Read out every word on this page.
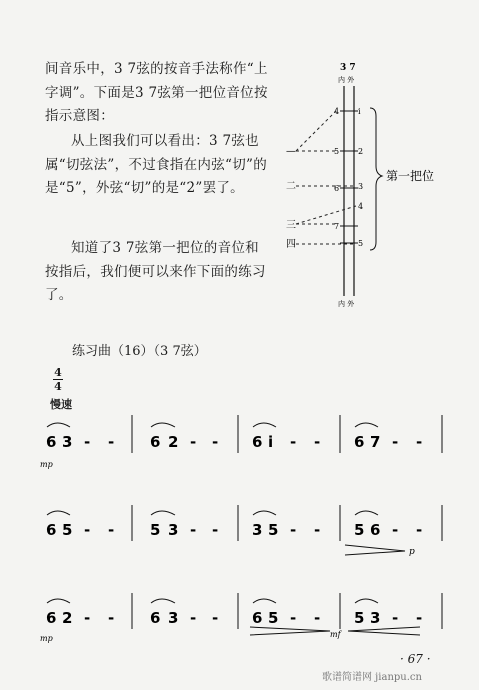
间音乐中，3 7弦的按音手法称作“上字调”。下面是3 7弦第一把位音位按指示意图：

从上图我们可以看出：3 7弦也属“切弦法”，不过食指在内弦“切”的是“5”，外弦“切”的是“2̇”罢了。

知道了3 7弦第一把位的音位和按指后，我们便可以来作下面的练习了。

3 7
内 外
4
5
6
7
i
2
3
4
5
—
二
三
四
第一把位
内 外
练习曲（16）（3 7弦）
4
4
慢速
6 3 - - 6 2 - - 6 i - - 6 7 - -
mp
6 5 - - 5 3 - - 3 5 - - 5 6 - -
p
6 2 - - 6 3 - - 6 5 - - 5 3 - -
mp	mf
· 67 ·
歌谱简谱网 jianpu.cn
